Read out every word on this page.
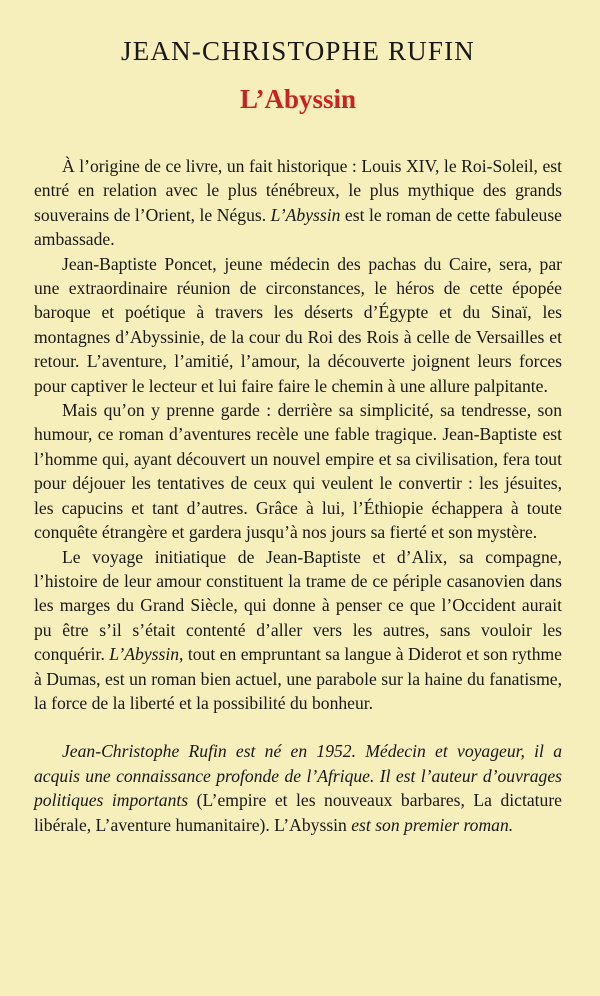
JEAN-CHRISTOPHE RUFIN
L’Abyssin

À l’origine de ce livre, un fait historique : Louis XIV, le Roi-Soleil, est entré en relation avec le plus ténébreux, le plus mythique des grands souverains de l’Orient, le Négus. L’Abyssin est le roman de cette fabuleuse ambassade.

Jean-Baptiste Poncet, jeune médecin des pachas du Caire, sera, par une extraordinaire réunion de circonstances, le héros de cette épopée baroque et poétique à travers les déserts d’Égypte et du Sinaï, les montagnes d’Abyssinie, de la cour du Roi des Rois à celle de Versailles et retour. L’aventure, l’amitié, l’amour, la découverte joignent leurs forces pour captiver le lecteur et lui faire faire le chemin à une allure palpitante.

Mais qu’on y prenne garde : derrière sa simplicité, sa tendresse, son humour, ce roman d’aventures recèle une fable tragique. Jean-Baptiste est l’homme qui, ayant découvert un nouvel empire et sa civilisation, fera tout pour déjouer les tentatives de ceux qui veulent le convertir : les jésuites, les capucins et tant d’autres. Grâce à lui, l’Éthiopie échappera à toute conquête étrangère et gardera jusqu’à nos jours sa fierté et son mystère.

Le voyage initiatique de Jean-Baptiste et d’Alix, sa compagne, l’histoire de leur amour constituent la trame de ce périple casanovien dans les marges du Grand Siècle, qui donne à penser ce que l’Occident aurait pu être s’il s’était contenté d’aller vers les autres, sans vouloir les conquérir. L’Abyssin, tout en empruntant sa langue à Diderot et son rythme à Dumas, est un roman bien actuel, une parabole sur la haine du fanatisme, la force de la liberté et la possibilité du bonheur.

Jean-Christophe Rufin est né en 1952. Médecin et voyageur, il a acquis une connaissance profonde de l’Afrique. Il est l’auteur d’ouvrages politiques importants (L’empire et les nouveaux barbares, La dictature libérale, L’aventure humanitaire). L’Abyssin est son premier roman.
